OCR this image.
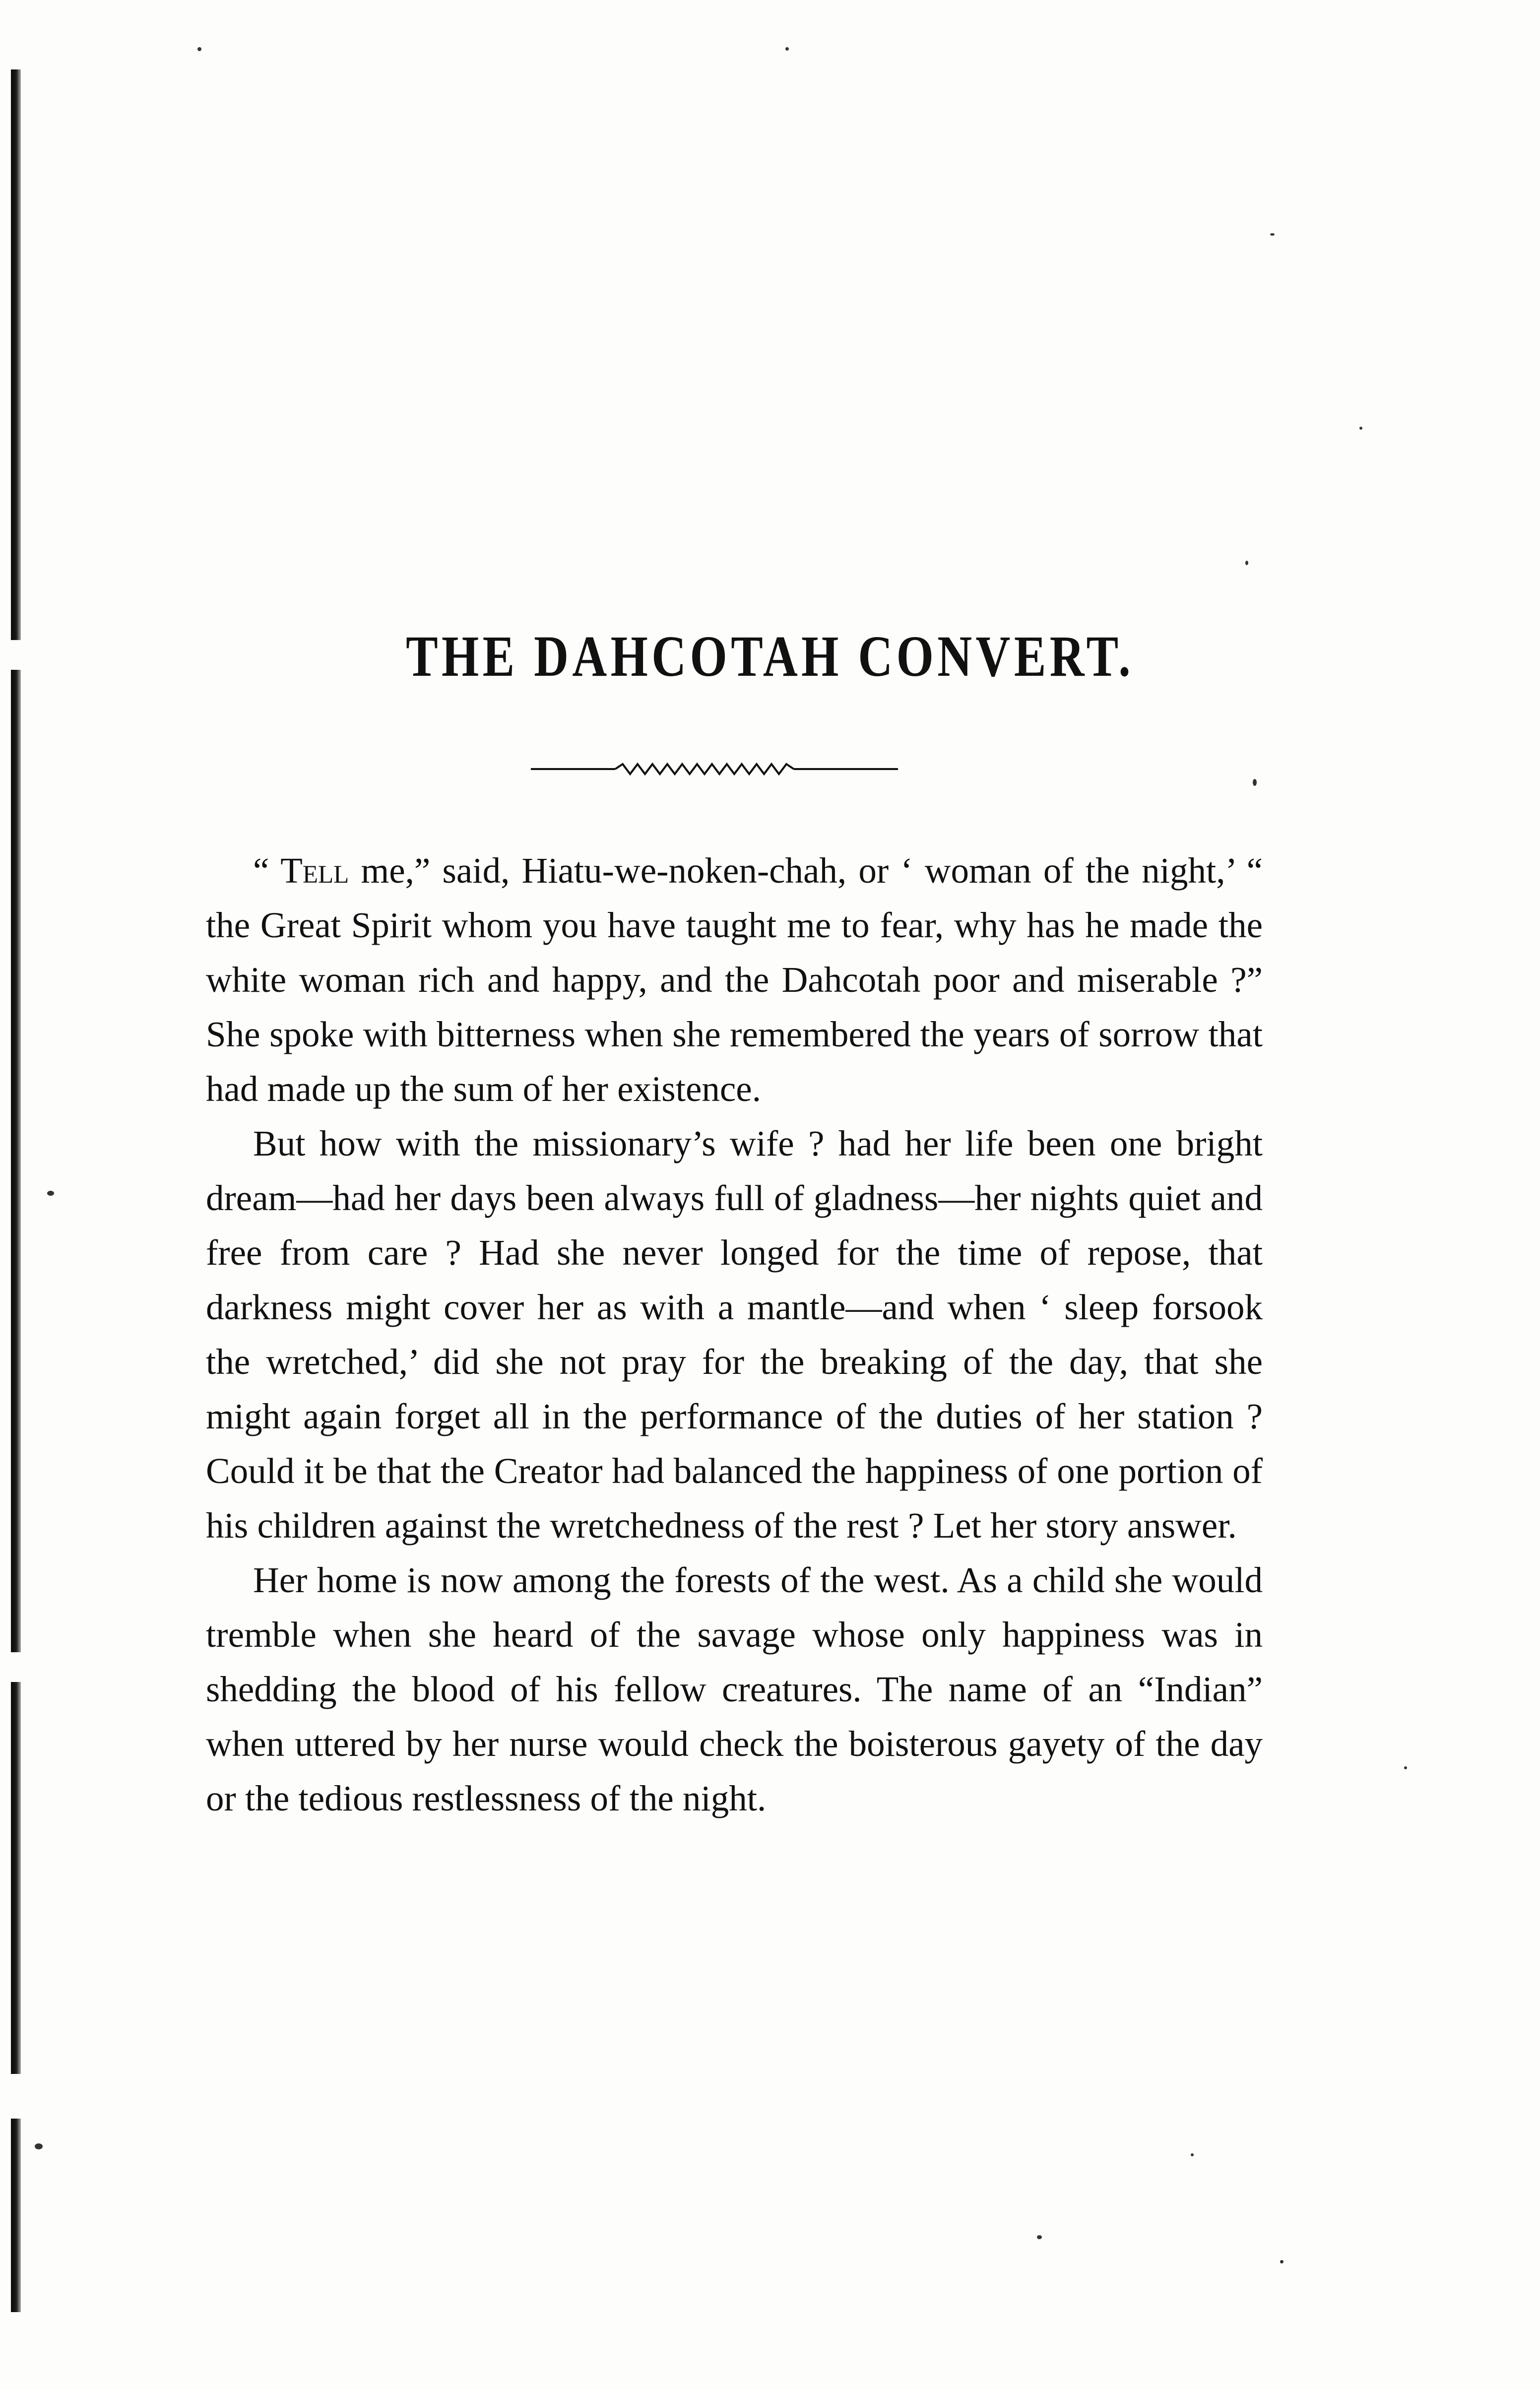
THE DAHCOTAH CONVERT.

“ Tell me,” said, Hiatu-we-noken-chah, or ‘ woman of the night,’ “ the Great Spirit whom you have taught me to fear, why has he made the white woman rich and happy, and the Dahcotah poor and miserable ?” She spoke with bitterness when she remembered the years of sorrow that had made up the sum of her existence.

But how with the missionary’s wife ? had her life been one bright dream—had her days been always full of gladness—her nights quiet and free from care ? Had she never longed for the time of repose, that darkness might cover her as with a mantle—and when ‘ sleep forsook the wretched,’ did she not pray for the breaking of the day, that she might again forget all in the performance of the duties of her station ? Could it be that the Creator had balanced the happiness of one portion of his children against the wretchedness of the rest ? Let her story answer.

Her home is now among the forests of the west. As a child she would tremble when she heard of the savage whose only happiness was in shedding the blood of his fellow creatures. The name of an “Indian” when uttered by her nurse would check the boisterous gayety of the day or the tedious restlessness of the night.
